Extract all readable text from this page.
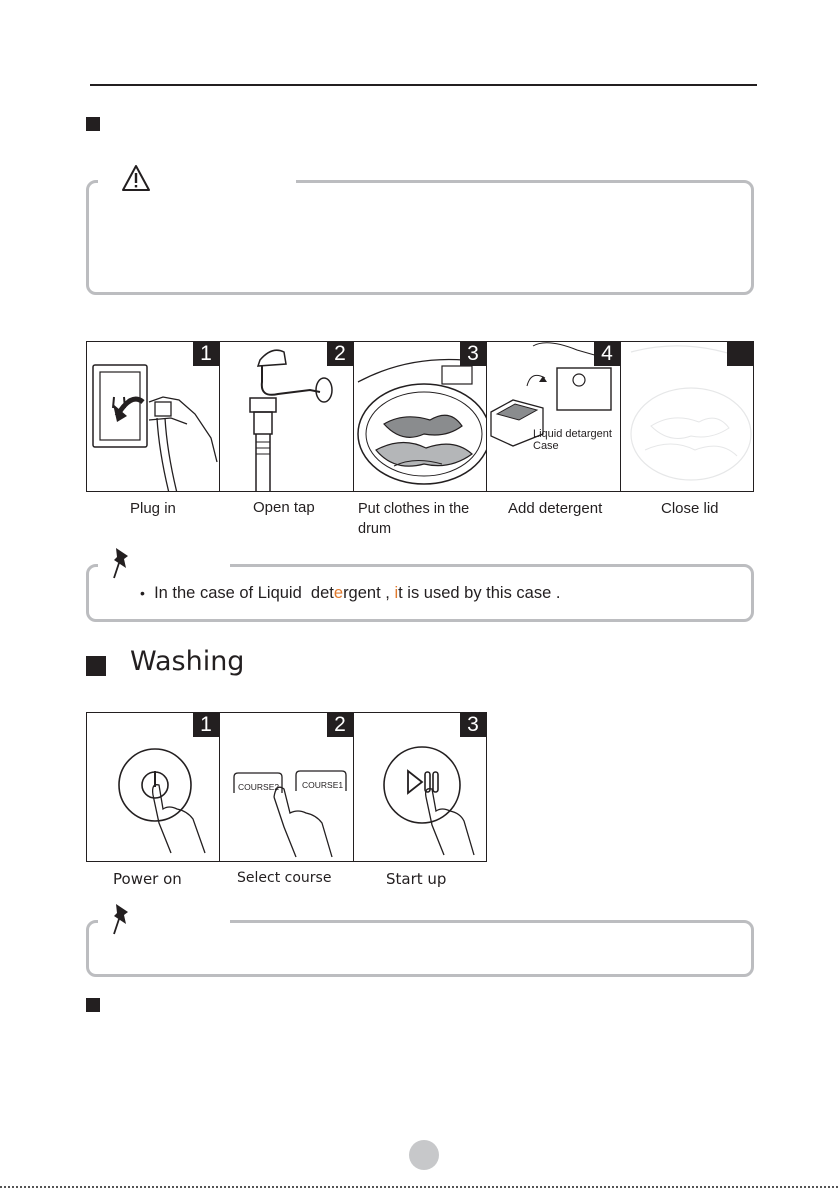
1	2	3
Liquid detargent Case
4
Plug in	Open tap	Put clothes in the drum
Add detergent	Close lid
• In the case of Liquid  detergent , it is used by this case .
Washing
1
COURSE2	COURSE1
2	3
Power on	Select course	Start up
